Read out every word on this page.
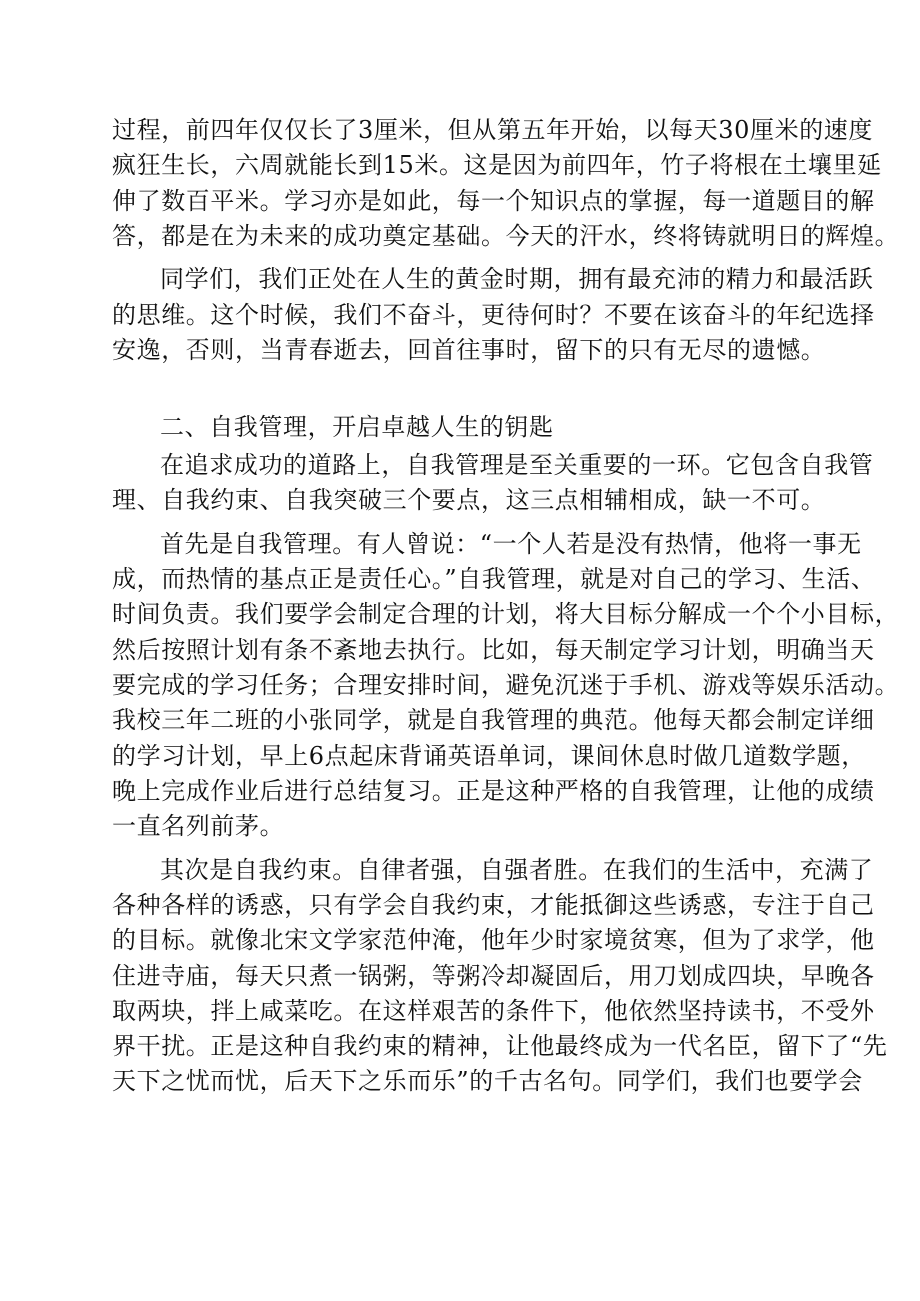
过程，前四年仅仅长了3厘米，但从第五年开始，以每天30厘米的速度
疯狂生长，六周就能长到15米。这是因为前四年，竹子将根在土壤里延
伸了数百平米。学习亦是如此，每一个知识点的掌握，每一道题目的解
答，都是在为未来的成功奠定基础。今天的汗水，终将铸就明日的辉煌。
同学们，我们正处在人生的黄金时期，拥有最充沛的精力和最活跃
的思维。这个时候，我们不奋斗，更待何时？不要在该奋斗的年纪选择
安逸，否则，当青春逝去，回首往事时，留下的只有无尽的遗憾。
二、自我管理，开启卓越人生的钥匙
在追求成功的道路上，自我管理是至关重要的一环。它包含自我管
理、自我约束、自我突破三个要点，这三点相辅相成，缺一不可。
首先是自我管理。有人曾说：“一个人若是没有热情，他将一事无
成，而热情的基点正是责任心。”自我管理，就是对自己的学习、生活、
时间负责。我们要学会制定合理的计划，将大目标分解成一个个小目标，
然后按照计划有条不紊地去执行。比如，每天制定学习计划，明确当天
要完成的学习任务；合理安排时间，避免沉迷于手机、游戏等娱乐活动。
我校三年二班的小张同学，就是自我管理的典范。他每天都会制定详细
的学习计划，早上6点起床背诵英语单词，课间休息时做几道数学题，
晚上完成作业后进行总结复习。正是这种严格的自我管理，让他的成绩
一直名列前茅。
其次是自我约束。自律者强，自强者胜。在我们的生活中，充满了
各种各样的诱惑，只有学会自我约束，才能抵御这些诱惑，专注于自己
的目标。就像北宋文学家范仲淹，他年少时家境贫寒，但为了求学，他
住进寺庙，每天只煮一锅粥，等粥冷却凝固后，用刀划成四块，早晚各
取两块，拌上咸菜吃。在这样艰苦的条件下，他依然坚持读书，不受外
界干扰。正是这种自我约束的精神，让他最终成为一代名臣，留下了“先
天下之忧而忧，后天下之乐而乐”的千古名句。同学们，我们也要学会
